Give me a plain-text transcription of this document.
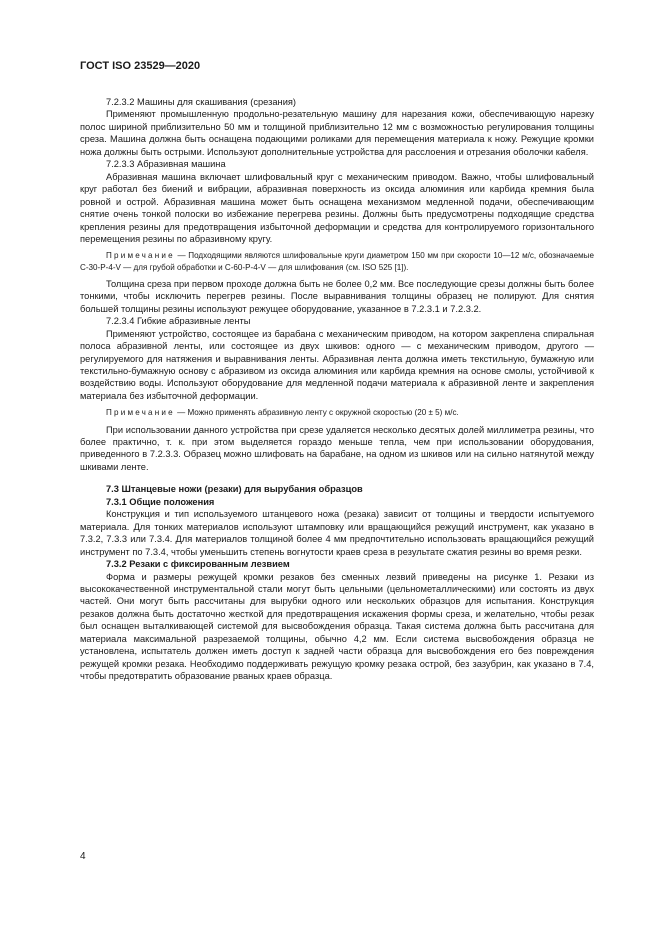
ГОСТ ISO 23529—2020

7.2.3.2 Машины для скашивания (срезания)

Применяют промышленную продольно-резательную машину для нарезания кожи, обеспечивающую нарезку полос шириной приблизительно 50 мм и толщиной приблизительно 12 мм с возможностью регулирования толщины среза. Машина должна быть оснащена подающими роликами для перемещения материала к ножу. Режущие кромки ножа должны быть острыми. Используют дополнительные устройства для расслоения и отрезания оболочки кабеля.

7.2.3.3 Абразивная машина

Абразивная машина включает шлифовальный круг с механическим приводом. Важно, чтобы шлифовальный круг работал без биений и вибрации, абразивная поверхность из оксида алюминия или карбида кремния была ровной и острой. Абразивная машина может быть оснащена механизмом медленной подачи, обеспечивающим снятие очень тонкой полоски во избежание перегрева резины. Должны быть предусмотрены подходящие средства крепления резины для предотвращения избыточной деформации и средства для контролируемого горизонтального перемещения резины по абразивному кругу.

Примечание — Подходящими являются шлифовальные круги диаметром 150 мм при скорости 10—12 м/с, обозначаемые С-30-Р-4-V — для грубой обработки и С-60-Р-4-V — для шлифования (см. ISO 525 [1]).

Толщина среза при первом проходе должна быть не более 0,2 мм. Все последующие срезы должны быть более тонкими, чтобы исключить перегрев резины. После выравнивания толщины образец не полируют. Для снятия большей толщины резины используют режущее оборудование, указанное в 7.2.3.1 и 7.2.3.2.

7.2.3.4 Гибкие абразивные ленты

Применяют устройство, состоящее из барабана с механическим приводом, на котором закреплена спиральная полоса абразивной ленты, или состоящее из двух шкивов: одного — с механическим приводом, другого — регулируемого для натяжения и выравнивания ленты. Абразивная лента должна иметь текстильную, бумажную или текстильно-бумажную основу с абразивом из оксида алюминия или карбида кремния на основе смолы, устойчивой к воздействию воды. Используют оборудование для медленной подачи материала к абразивной ленте и закрепления материала без избыточной деформации.

Примечание — Можно применять абразивную ленту с окружной скоростью (20 ± 5) м/с.

При использовании данного устройства при срезе удаляется несколько десятых долей миллиметра резины, что более практично, т. к. при этом выделяется гораздо меньше тепла, чем при использовании оборудования, приведенного в 7.2.3.3. Образец можно шлифовать на барабане, на одном из шкивов или на сильно натянутой между шкивами ленте.

7.3 Штанцевые ножи (резаки) для вырубания образцов

7.3.1 Общие положения

Конструкция и тип используемого штанцевого ножа (резака) зависит от толщины и твердости испытуемого материала. Для тонких материалов используют штамповку или вращающийся режущий инструмент, как указано в 7.3.2, 7.3.3 или 7.3.4. Для материалов толщиной более 4 мм предпочтительно использовать вращающийся режущий инструмент по 7.3.4, чтобы уменьшить степень вогнутости краев среза в результате сжатия резины во время резки.

7.3.2 Резаки с фиксированным лезвием

Форма и размеры режущей кромки резаков без сменных лезвий приведены на рисунке 1. Резаки из высококачественной инструментальной стали могут быть цельными (цельнометаллическими) или состоять из двух частей. Они могут быть рассчитаны для вырубки одного или нескольких образцов для испытания. Конструкция резаков должна быть достаточно жесткой для предотвращения искажения формы среза, и желательно, чтобы резак был оснащен выталкивающей системой для высвобождения образца. Такая система должна быть рассчитана для материала максимальной разрезаемой толщины, обычно 4,2 мм. Если система высвобождения образца не установлена, испытатель должен иметь доступ к задней части образца для высвобождения его без повреждения режущей кромки резака. Необходимо поддерживать режущую кромку резака острой, без зазубрин, как указано в 7.4, чтобы предотвратить образование рваных краев образца.

4
